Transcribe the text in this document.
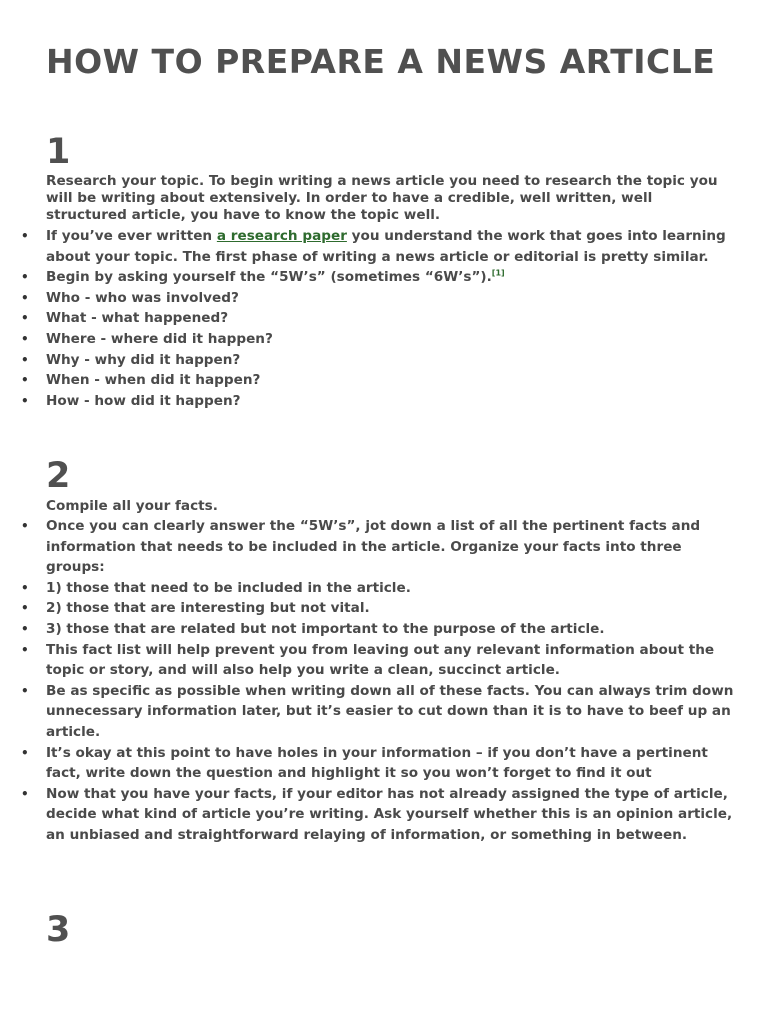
HOW TO PREPARE A NEWS ARTICLE
1

Research your topic. To begin writing a news article you need to research the topic you will be writing about extensively. In order to have a credible, well written, well structured article, you have to know the topic well.

• If you’ve ever written a research paper you understand the work that goes into learning about your topic. The first phase of writing a news article or editorial is pretty similar.
• Begin by asking yourself the “5W’s” (sometimes “6W’s”).[1]
• Who - who was involved?
• What - what happened?
• Where - where did it happen?
• Why - why did it happen?
• When - when did it happen?
• How - how did it happen?
2

Compile all your facts.

• Once you can clearly answer the “5W’s”, jot down a list of all the pertinent facts and information that needs to be included in the article. Organize your facts into three groups:
• 1) those that need to be included in the article.
• 2) those that are interesting but not vital.
• 3) those that are related but not important to the purpose of the article.
• This fact list will help prevent you from leaving out any relevant information about the topic or story, and will also help you write a clean, succinct article.
• Be as specific as possible when writing down all of these facts. You can always trim down unnecessary information later, but it’s easier to cut down than it is to have to beef up an article.
• It’s okay at this point to have holes in your information – if you don’t have a pertinent fact, write down the question and highlight it so you won’t forget to find it out
• Now that you have your facts, if your editor has not already assigned the type of article, decide what kind of article you’re writing. Ask yourself whether this is an opinion article, an unbiased and straightforward relaying of information, or something in between.
3
